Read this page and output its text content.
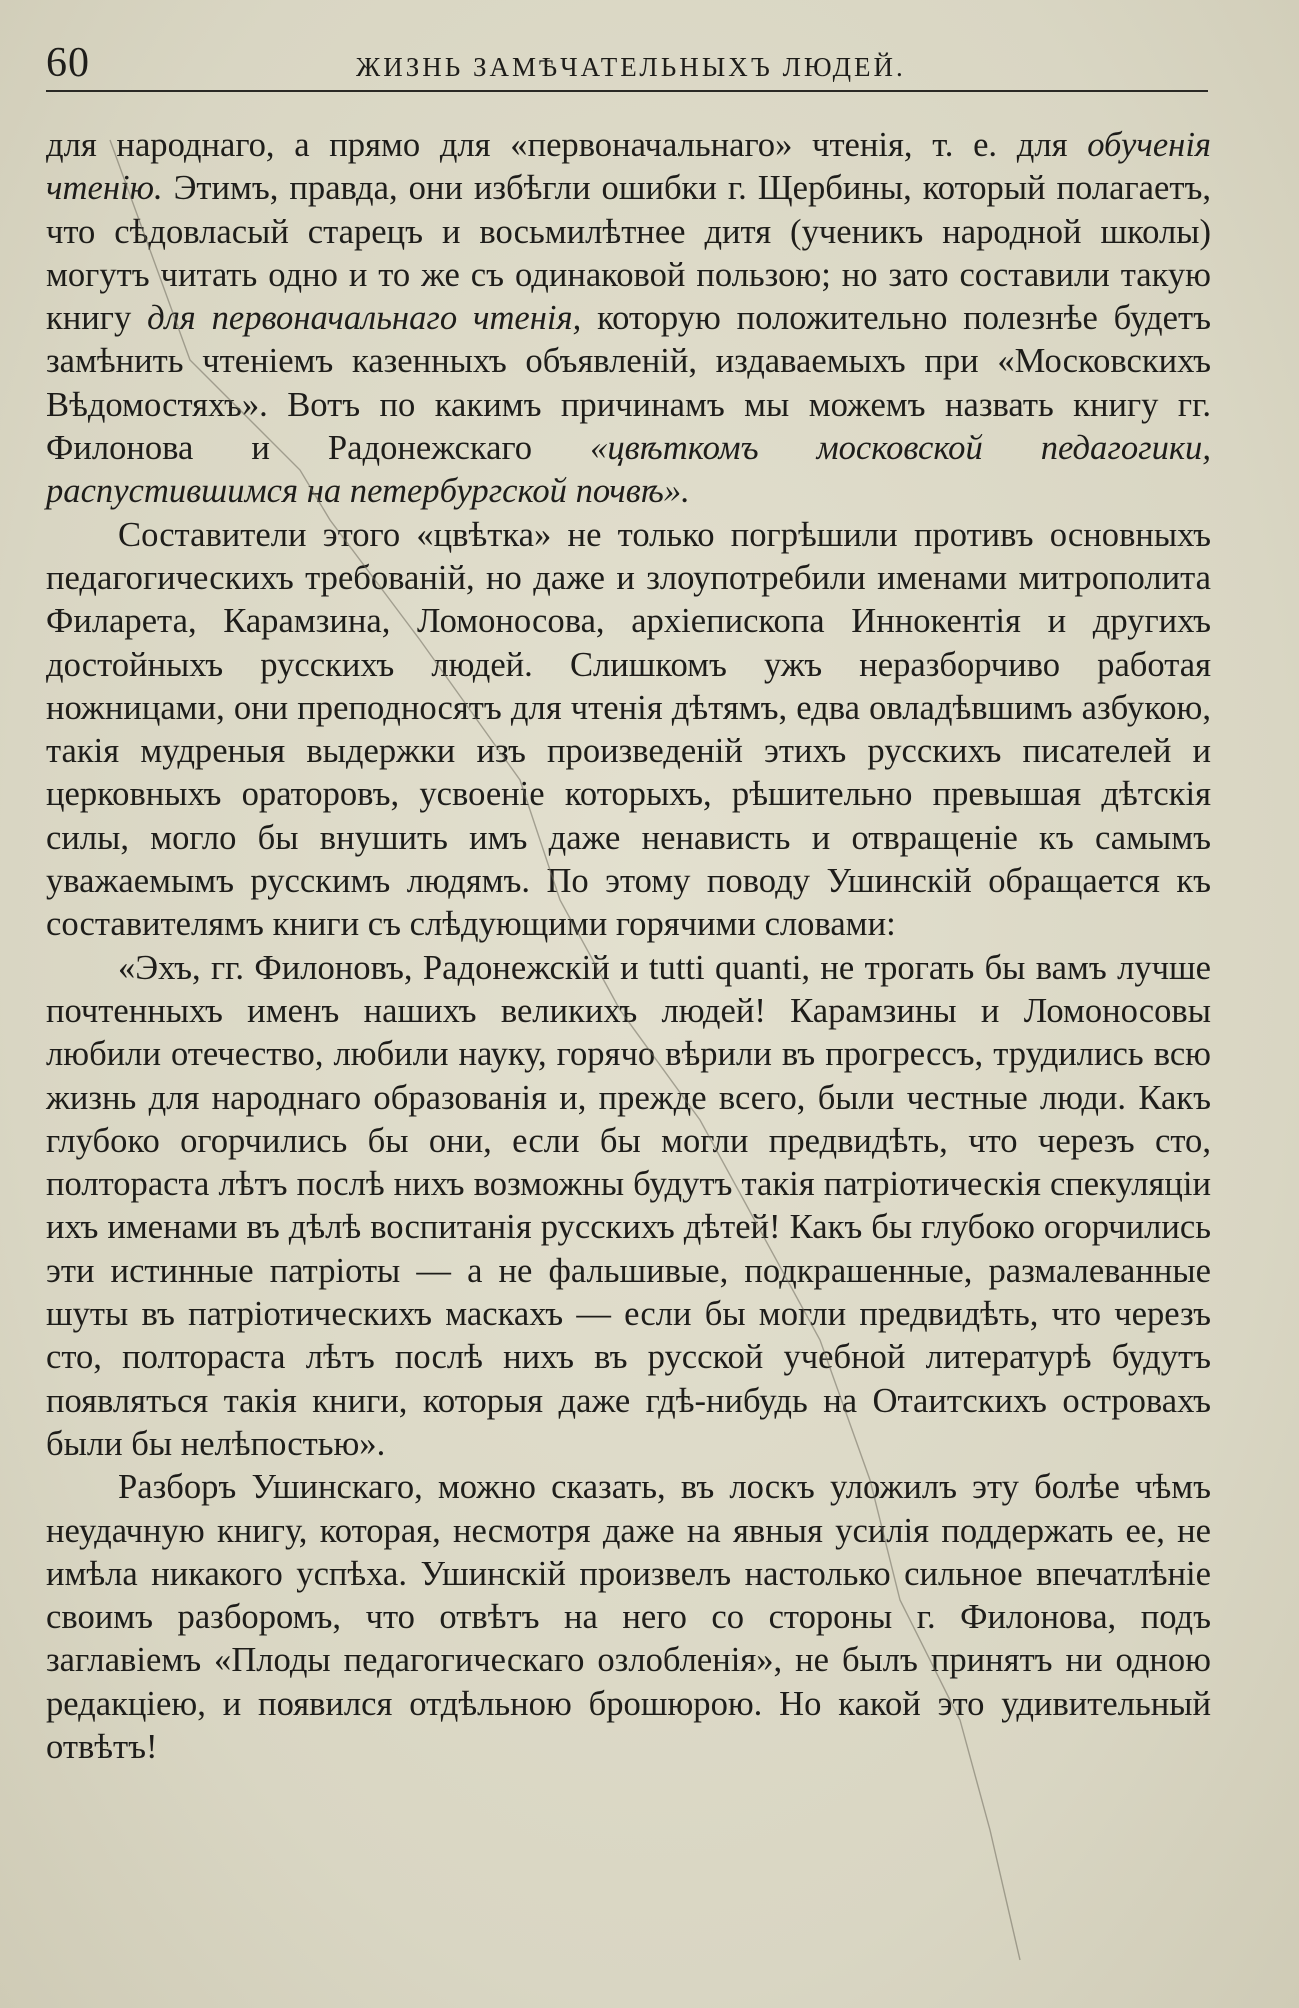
60	ЖИЗНЬ ЗАМѢЧАТЕЛЬНЫХЪ ЛЮДЕЙ.

для народнаго, а прямо для «первоначальнаго» чтенія, т. е. для обученія чтенію. Этимъ, правда, они избѣгли ошибки г. Щербины, который полагаетъ, что сѣдовласый старецъ и восьмилѣтнее дитя (ученикъ народной школы) могутъ читать одно и то же съ одинаковой пользою; но зато составили такую книгу для первоначальнаго чтенія, которую положительно полезнѣе будетъ замѣнить чтеніемъ казенныхъ объявленій, издаваемыхъ при «Московскихъ Вѣдомостяхъ». Вотъ по какимъ причинамъ мы можемъ назвать книгу гг. Филонова и Радонежскаго «цвѣткомъ московской педагогики, распустившимся на петербургской почвѣ».

Составители этого «цвѣтка» не только погрѣшили противъ основныхъ педагогическихъ требованій, но даже и злоупотребили именами митрополита Филарета, Карамзина, Ломоносова, архіепископа Иннокентія и другихъ достойныхъ русскихъ людей. Слишкомъ ужъ неразборчиво работая ножницами, они преподносятъ для чтенія дѣтямъ, едва овладѣвшимъ азбукою, такія мудреныя выдержки изъ произведеній этихъ русскихъ писателей и церковныхъ ораторовъ, усвоеніе которыхъ, рѣшительно превышая дѣтскія силы, могло бы внушить имъ даже ненависть и отвращеніе къ самымъ уважаемымъ русскимъ людямъ. По этому поводу Ушинскій обращается къ составителямъ книги съ слѣдующими горячими словами:

«Эхъ, гг. Филоновъ, Радонежскій и tutti quanti, не трогать бы вамъ лучше почтенныхъ именъ нашихъ великихъ людей! Карамзины и Ломоносовы любили отечество, любили науку, горячо вѣрили въ прогрессъ, трудились всю жизнь для народнаго образованія и, прежде всего, были честные люди. Какъ глубоко огорчились бы они, если бы могли предвидѣть, что черезъ сто, полтораста лѣтъ послѣ нихъ возможны будутъ такія патріотическія спекуляціи ихъ именами въ дѣлѣ воспитанія русскихъ дѣтей! Какъ бы глубоко огорчились эти истинные патріоты — а не фальшивые, подкрашенные, размалеванные шуты въ патріотическихъ маскахъ — если бы могли предвидѣть, что черезъ сто, полтораста лѣтъ послѣ нихъ въ русской учебной литературѣ будутъ появляться такія книги, которыя даже гдѣ-нибудь на Отаитскихъ островахъ были бы нелѣпостью».

Разборъ Ушинскаго, можно сказать, въ лоскъ уложилъ эту болѣе чѣмъ неудачную книгу, которая, несмотря даже на явныя усилія поддержать ее, не имѣла никакого успѣха. Ушинскій произвелъ настолько сильное впечатлѣніе своимъ разборомъ, что отвѣтъ на него со стороны г. Филонова, подъ заглавіемъ «Плоды педагогическаго озлобленія», не былъ принятъ ни одною редакціею, и появился отдѣльною брошюрою. Но какой это удивительный отвѣтъ!
